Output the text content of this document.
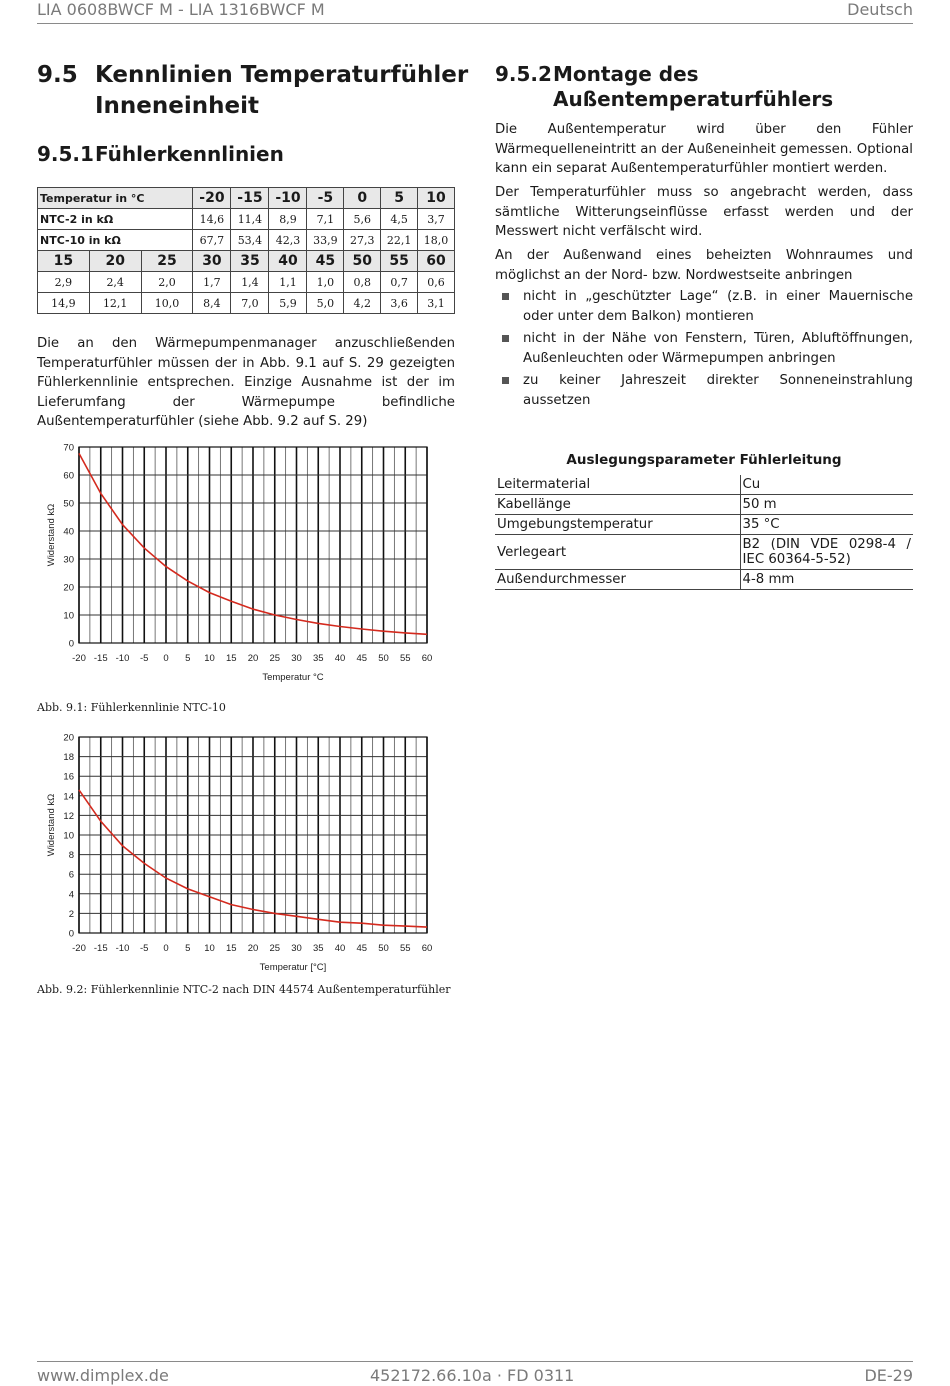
LIA 0608BWCF M - LIA 1316BWCF M	Deutsch
9.5 Kennlinien Temperaturfühler Inneneinheit
9.5.1 Fühlerkennlinien
Temperatur in °C			-20	-15	-10	-5	0	5	10
NTC-2 in kΩ			14,6	11,4	8,9	7,1	5,6	4,5	3,7
NTC-10 in kΩ			67,7	53,4	42,3	33,9	27,3	22,1	18,0
15	20	25	30	35	40	45	50	55	60
2,9	2,4	2,0	1,7	1,4	1,1	1,0	0,8	0,7	0,6
14,9	12,1	10,0	8,4	7,0	5,9	5,0	4,2	3,6	3,1
Die an den Wärmepumpenmanager anzuschließenden Temperaturfühler müssen der in Abb. 9.1 auf S. 29 gezeigten Fühlerkennlinie entsprechen. Einzige Ausnahme ist der im Lieferumfang der Wärmepumpe befindliche Außentemperaturfühler (siehe Abb. 9.2 auf S. 29)
9.5.2 Montage des Außentemperaturfühlers
Die Außentemperatur wird über den Fühler Wärmequelleneintritt an der Außeneinheit gemessen. Optional kann ein separat Außentemperaturfühler montiert werden.
Der Temperaturfühler muss so angebracht werden, dass sämtliche Witterungseinflüsse erfasst werden und der Messwert nicht verfälscht wird.
An der Außenwand eines beheizten Wohnraumes und möglichst an der Nord- bzw. Nordwestseite anbringen
nicht in „geschützter Lage“ (z.B. in einer Mauernische oder unter dem Balkon) montieren
nicht in der Nähe von Fenstern, Türen, Abluftöffnungen, Außenleuchten oder Wärmepumpen anbringen
zu keiner Jahreszeit direkter Sonneneinstrahlung aussetzen
Auslegungsparameter Fühlerleitung
Leitermaterial	Cu
Kabellänge	50 m
Umgebungstemperatur	35 °C
Verlegeart	B2 (DIN VDE 0298-4 / IEC 60364-5-52)
Außendurchmesser	4-8 mm
0
10
20
30
40
50
60
70
-20 -15 -10 -5 0 5 10 15 20 25 30 35 40 45 50 55 60
Temperatur °C
Widerstand kΩ
Abb. 9.1: Fühlerkennlinie NTC-10
0
2
4
6
8
10
12
14
16
18
20
-20 -15 -10 -5 0 5 10 15 20 25 30 35 40 45 50 55 60
Temperatur [°C]
Widerstand kΩ
Abb. 9.2: Fühlerkennlinie NTC-2 nach DIN 44574 Außentemperaturfühler
www.dimplex.de	452172.66.10a · FD 0311	DE-29
